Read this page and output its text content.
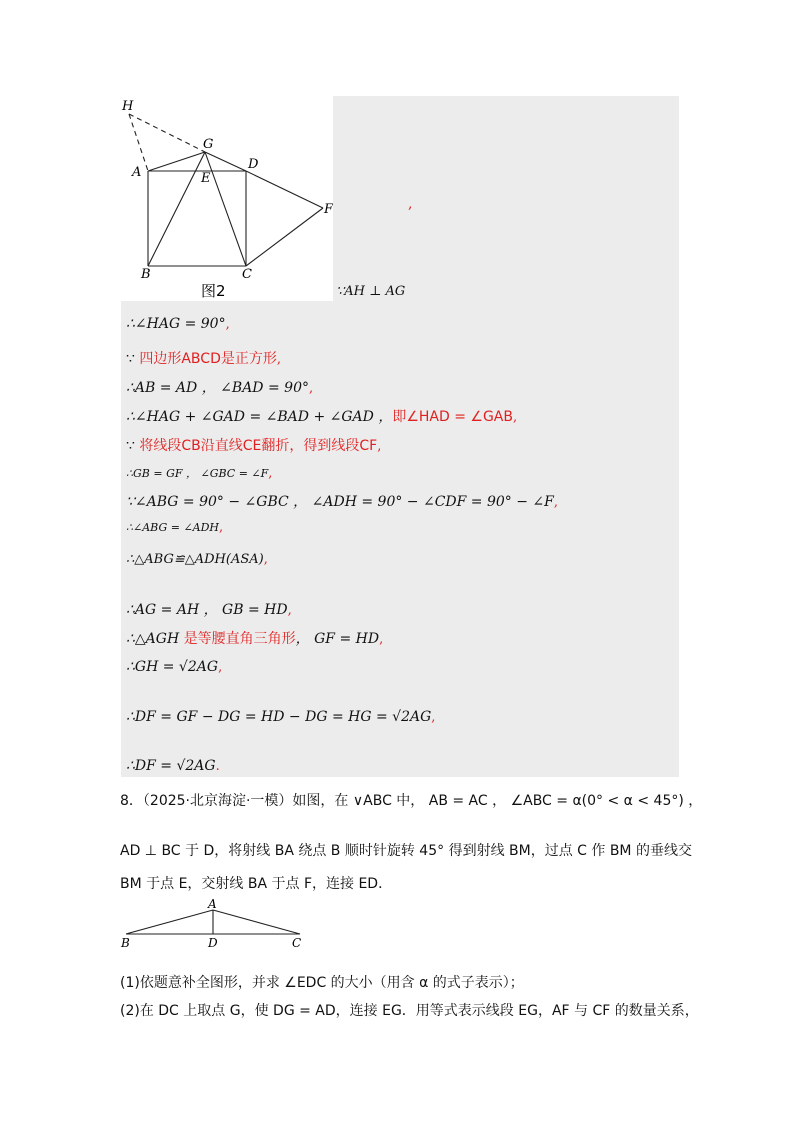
H
G
D
A	E
F
B	C
图2
,
∵AH ⊥ AG
∴∠HAG = 90°,
∵ 四边形ABCD是正方形,
∴AB = AD ， ∠BAD = 90°,
∴∠HAG + ∠GAD = ∠BAD + ∠GAD ，即∠HAD = ∠GAB,
∵ 将线段CB沿直线CE翻折，得到线段CF,
∴GB = GF ， ∠GBC = ∠F,
∵∠ABG = 90° − ∠GBC ， ∠ADH = 90° − ∠CDF = 90° − ∠F,
∴∠ABG = ∠ADH,
∴△ABG≌△ADH(ASA),
∴AG = AH ， GB = HD,
∴△AGH 是等腰直角三角形， GF = HD,
∴GH = √2AG,
∴DF = GF − DG = HD − DG = HG = √2AG,
∴DF = √2AG.
8．（2025·北京海淀·一模）如图，在 ∨ABC 中， AB = AC ， ∠ABC = α(0° < α < 45°) ，
AD ⊥ BC 于 D，将射线 BA 绕点 B 顺时针旋转 45° 得到射线 BM，过点 C 作 BM 的垂线交
BM 于点 E，交射线 BA 于点 F，连接 ED．
A
B	D	C
(1)依题意补全图形，并求 ∠EDC 的大小（用含 α 的式子表示）；
(2)在 DC 上取点 G，使 DG = AD，连接 EG．用等式表示线段 EG，AF 与 CF 的数量关系，
